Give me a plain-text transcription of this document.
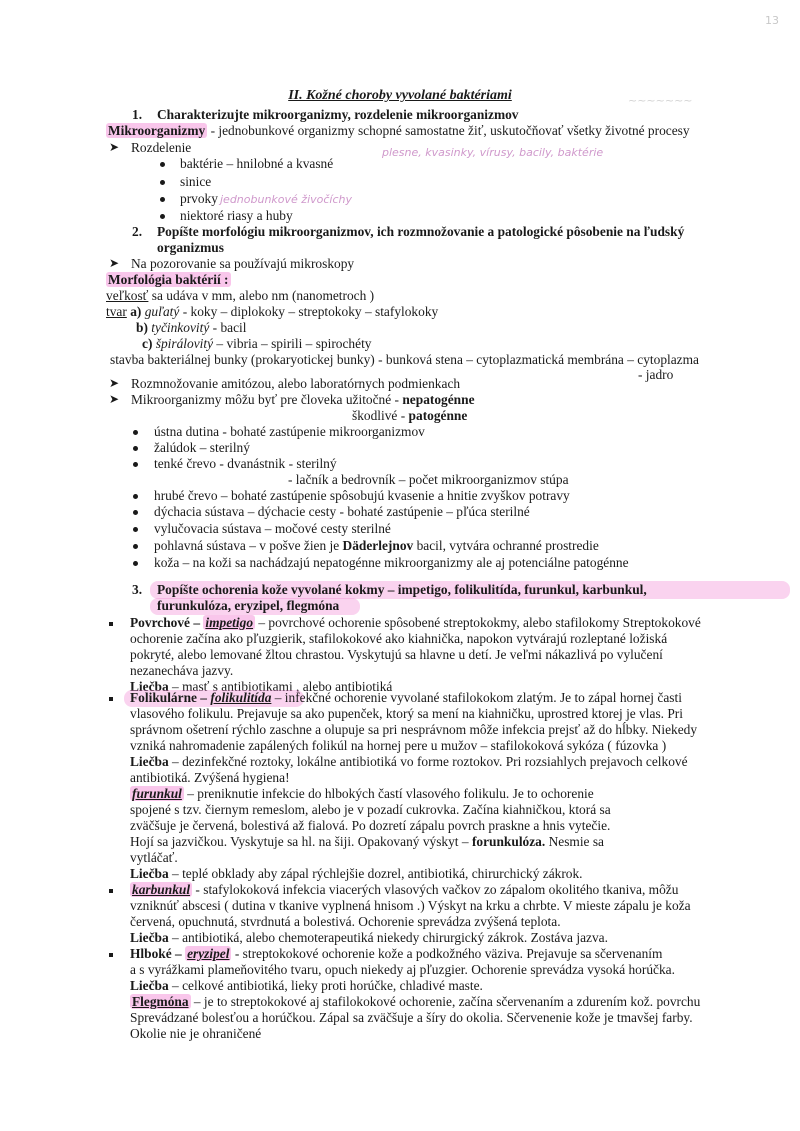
~~~~~~~
13
II. Kožné choroby vyvolané baktériami
1. Charakterizujte mikroorganizmy, rozdelenie mikroorganizmov
Mikroorganizmy - jednobunkové organizmy schopné samostatne žiť, uskutočňovať všetky životné procesy
➤ Rozdelenie	plesne, kvasinky, vírusy, bacily, baktérie
baktérie – hnilobné a kvasné
sinice
prvoky jednobunkové živočíchy
niektoré riasy a huby
2. Popíšte morfológiu mikroorganizmov, ich rozmnožovanie a patologické pôsobenie na ľudský
organizmus
➤ Na pozorovanie sa používajú mikroskopy
Morfológia baktérií :
veľkosť sa udáva v mm, alebo nm (nanometroch )
tvar a) guľatý - koky – diplokoky – streptokoky – stafylokoky
b) tyčinkovitý - bacil
c) špirálovitý – vibria – spirili – spirochéty
stavba bakteriálnej bunky (prokaryotickej bunky) - bunková stena – cytoplazmatická membrána – cytoplazma
- jadro
➤ Rozmnožovanie amitózou, alebo laboratórnych podmienkach
➤ Mikroorganizmy môžu byť pre človeka užitočné - nepatogénne
škodlivé - patogénne
ústna dutina - bohaté zastúpenie mikroorganizmov
žalúdok – sterilný
tenké črevo - dvanástnik - sterilný
- lačník a bedrovník – počet mikroorganizmov stúpa
hrubé črevo – bohaté zastúpenie spôsobujú kvasenie a hnitie zvyškov potravy
dýchacia sústava – dýchacie cesty - bohaté zastúpenie – pľúca sterilné
vylučovacia sústava – močové cesty sterilné
pohlavná sústava – v pošve žien je Däderlejnov bacil, vytvára ochranné prostredie
koža – na koži sa nachádzajú nepatogénne mikroorganizmy ale aj potenciálne patogénne
3. Popíšte ochorenia kože vyvolané kokmy – impetigo, folikulitída, furunkul, karbunkul,
furunkulóza, eryzipel, flegmóna
Povrchové – impetigo – povrchové ochorenie spôsobené streptokokmy, alebo stafilokomy Streptokokové
ochorenie začína ako pľuzgierik, stafilokokové ako kiahnička, napokon vytvárajú rozleptané ložiská
pokryté, alebo lemované žltou chrastou. Vyskytujú sa hlavne u detí. Je veľmi nákazlivá po vylučení
nezanecháva jazvy.
Liečba – masť s antibiotikami , alebo antibiotiká
Folikulárne – folikulitída – infekčné ochorenie vyvolané stafilokokom zlatým. Je to zápal hornej časti
vlasového folikulu. Prejavuje sa ako pupenček, ktorý sa mení na kiahničku, uprostred ktorej je vlas. Pri
správnom ošetrení rýchlo zaschne a olupuje sa pri nesprávnom môže infekcia prejsť až do hĺbky. Niekedy
vzniká nahromadenie zapálených folikúl na hornej pere u mužov – stafilokoková sykóza ( fúzovka )
Liečba – dezinfekčné roztoky, lokálne antibiotiká vo forme roztokov. Pri rozsiahlych prejavoch celkové
antibiotiká. Zvýšená hygiena!
furunkul – preniknutie infekcie do hlbokých častí vlasového folikulu. Je to ochorenie
spojené s tzv. čiernym remeslom, alebo je v pozadí cukrovka. Začína kiahničkou, ktorá sa
zväčšuje je červená, bolestivá až fialová. Po dozretí zápalu povrch praskne a hnis vytečie.
Hojí sa jazvičkou. Vyskytuje sa hl. na šiji. Opakovaný výskyt – forunkulóza. Nesmie sa
vytláčať.
Liečba – teplé obklady aby zápal rýchlejšie dozrel, antibiotiká, chirurchický zákrok.
karbunkul - stafylokoková infekcia viacerých vlasových vačkov zo zápalom okolitého tkaniva, môžu
vzniknúť abscesi ( dutina v tkanive vyplnená hnisom .) Výskyt na krku a chrbte. V mieste zápalu je koža
červená, opuchnutá, stvrdnutá a bolestivá. Ochorenie sprevádza zvýšená teplota.
Liečba – antibiotiká, alebo chemoterapeutiká niekedy chirurgický zákrok. Zostáva jazva.
Hlboké – eryzipel - streptokokové ochorenie kože a podkožného väziva. Prejavuje sa sčervenaním
a s vyrážkami plameňovitého tvaru, opuch niekedy aj pľuzgier. Ochorenie sprevádza vysoká horúčka.
Liečba – celkové antibiotiká, lieky proti horúčke, chladivé maste.
Flegmóna – je to streptokokové aj stafilokokové ochorenie, začína sčervenaním a zdurením kož. povrchu
Sprevádzané bolesťou a horúčkou. Zápal sa zväčšuje a šíry do okolia. Sčervenenie kože je tmavšej farby.
Okolie nie je ohraničené
